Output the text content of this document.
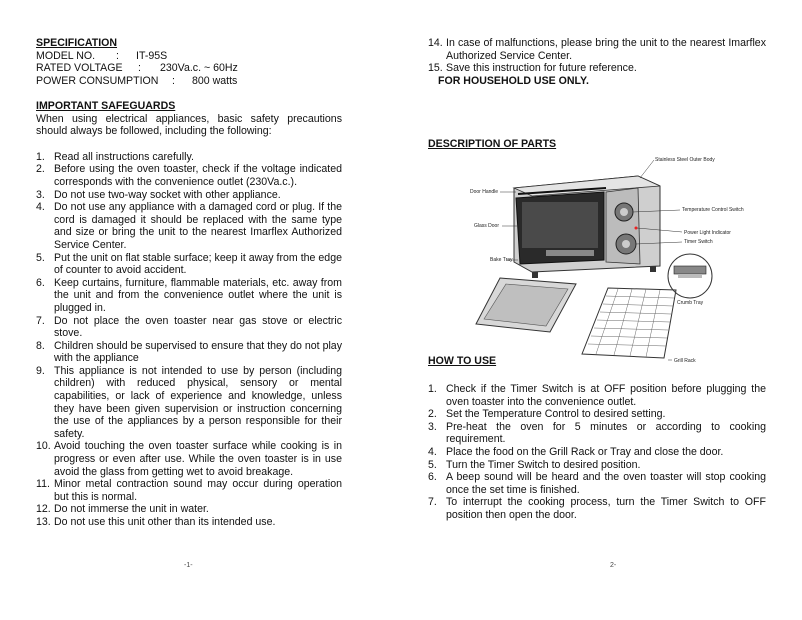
SPECIFICATION
MODEL NO. : IT-95S
RATED VOLTAGE : 230Va.c. ~ 60Hz
POWER CONSUMPTION : 800 watts
IMPORTANT SAFEGUARDS
When using electrical appliances, basic safety precautions should always be followed, including the following:
1. Read all instructions carefully.
2. Before using the oven toaster, check if the voltage indicated corresponds with the convenience outlet (230Va.c.).
3. Do not use two-way socket with other appliance.
4. Do not use any appliance with a damaged cord or plug. If the cord is damaged it should be replaced with the same type and size or bring the unit to the nearest Imarflex Authorized Service Center.
5. Put the unit on flat stable surface; keep it away from the edge of counter to avoid accident.
6. Keep curtains, furniture, flammable materials, etc. away from the unit and from the convenience outlet where the unit is plugged in.
7. Do not place the oven toaster near gas stove or electric stove.
8. Children should be supervised to ensure that they do not play with the appliance
9. This appliance is not intended to use by person (including children) with reduced physical, sensory or mental capabilities, or lack of experience and knowledge, unless they have been given supervision or instruction concerning the use of the appliances by a person responsible for their safety.
10. Avoid touching the oven toaster surface while cooking is in progress or even after use. While the oven toaster is in use avoid the glass from getting wet to avoid breakage.
11. Minor metal contraction sound may occur during operation but this is normal.
12. Do not immerse the unit in water.
13. Do not use this unit other than its intended use.
-1-
14. In case of malfunctions, please bring the unit to the nearest Imarflex Authorized Service Center.
15. Save this instruction for future reference.
FOR HOUSEHOLD USE ONLY.
DESCRIPTION OF PARTS
HOW TO USE
1. Check if the Timer Switch is at OFF position before plugging the oven toaster into the convenience outlet.
2. Set the Temperature Control to desired setting.
3. Pre-heat the oven for 5 minutes or according to cooking requirement.
4. Place the food on the Grill Rack or Tray and close the door.
5. Turn the Timer Switch to desired position.
6. A beep sound will be heard and the oven toaster will stop cooking once the set time is finished.
7. To interrupt the cooking process, turn the Timer Switch to OFF position then open the door.
2-
Stainless Steel Outer Body
Door Handle
Temperature Control Switch
Glass Door
Power Light Indicator
Timer Switch
Bake Tray
Crumb Tray
Grill Rack
